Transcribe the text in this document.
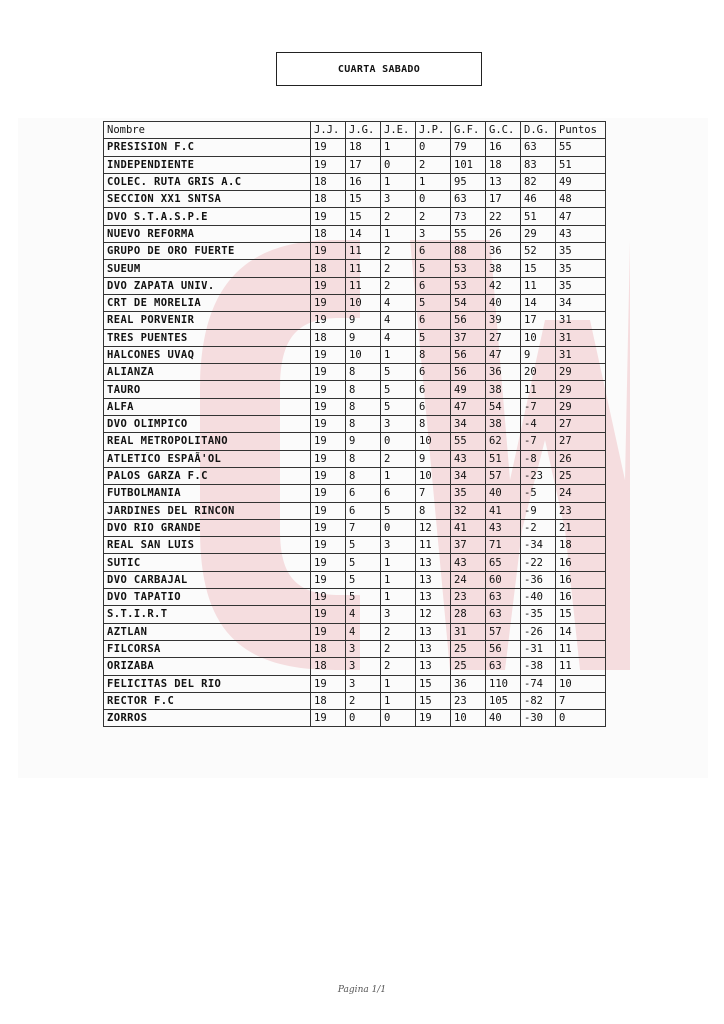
CUARTA SABADO
Nombre	J.J.	J.G.	J.E.	J.P.	G.F.	G.C.	D.G.	Puntos
PRESISION F.C	19	18	1	0	79	16	63	55
INDEPENDIENTE	19	17	0	2	101	18	83	51
COLEC. RUTA GRIS A.C	18	16	1	1	95	13	82	49
SECCION XX1 SNTSA	18	15	3	0	63	17	46	48
DVO S.T.A.S.P.E	19	15	2	2	73	22	51	47
NUEVO REFORMA	18	14	1	3	55	26	29	43
GRUPO DE ORO FUERTE	19	11	2	6	88	36	52	35
SUEUM	18	11	2	5	53	38	15	35
DVO ZAPATA UNIV.	19	11	2	6	53	42	11	35
CRT DE MORELIA	19	10	4	5	54	40	14	34
REAL PORVENIR	19	9	4	6	56	39	17	31
TRES PUENTES	18	9	4	5	37	27	10	31
HALCONES UVAQ	19	10	1	8	56	47	9	31
ALIANZA	19	8	5	6	56	36	20	29
TAURO	19	8	5	6	49	38	11	29
ALFA	19	8	5	6	47	54	-7	29
DVO OLIMPICO	19	8	3	8	34	38	-4	27
REAL METROPOLITANO	19	9	0	10	55	62	-7	27
ATLETICO ESPAÃ'OL	19	8	2	9	43	51	-8	26
PALOS GARZA F.C	19	8	1	10	34	57	-23	25
FUTBOLMANIA	19	6	6	7	35	40	-5	24
JARDINES DEL RINCON	19	6	5	8	32	41	-9	23
DVO RIO GRANDE	19	7	0	12	41	43	-2	21
REAL SAN LUIS	19	5	3	11	37	71	-34	18
SUTIC	19	5	1	13	43	65	-22	16
DVO CARBAJAL	19	5	1	13	24	60	-36	16
DVO TAPATIO	19	5	1	13	23	63	-40	16
S.T.I.R.T	19	4	3	12	28	63	-35	15
AZTLAN	19	4	2	13	31	57	-26	14
FILCORSA	18	3	2	13	25	56	-31	11
ORIZABA	18	3	2	13	25	63	-38	11
FELICITAS DEL RIO	19	3	1	15	36	110	-74	10
RECTOR F.C	18	2	1	15	23	105	-82	7
ZORROS	19	0	0	19	10	40	-30	0
Pagina 1/1
